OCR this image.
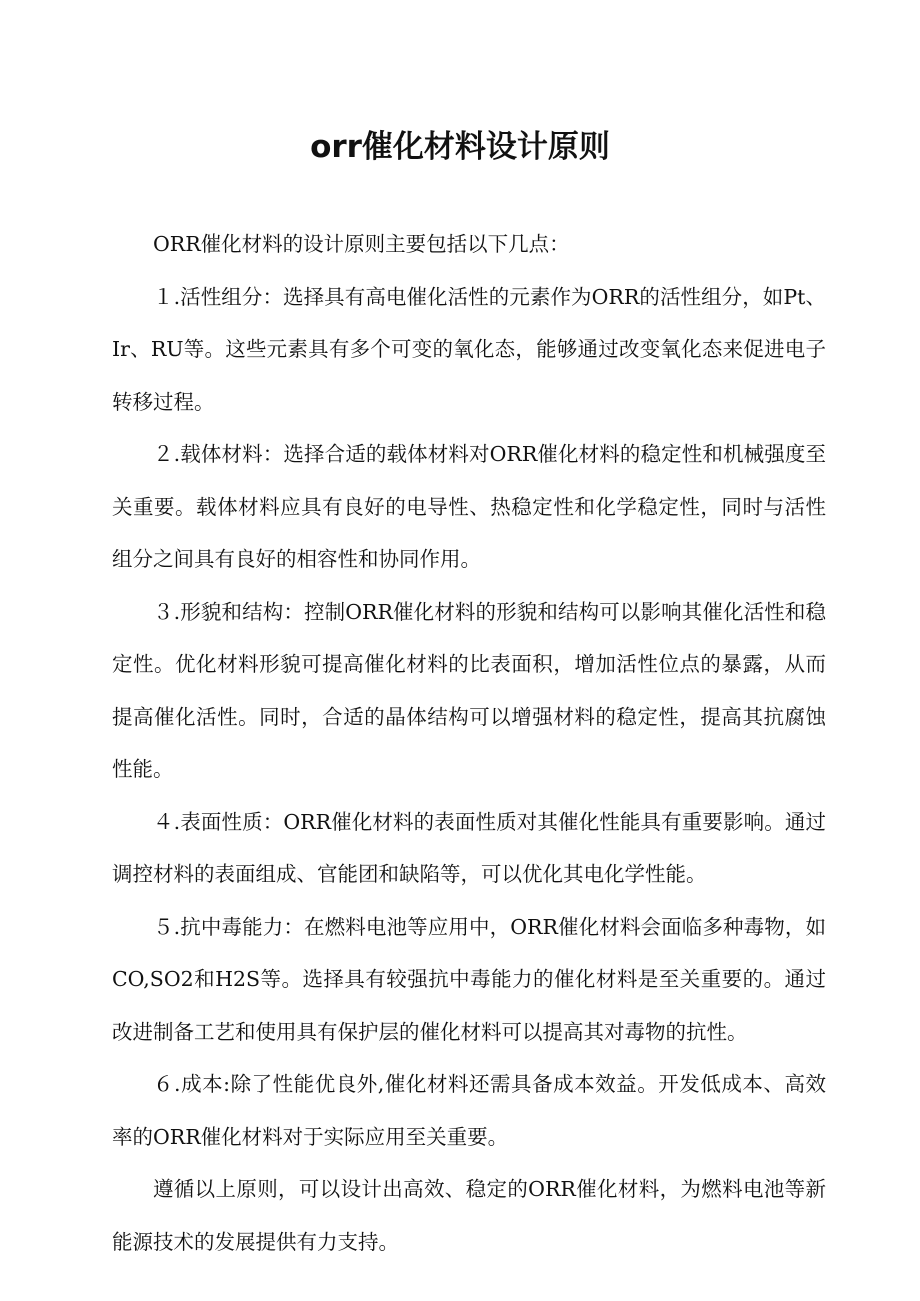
orr催化材料设计原则

ORR催化材料的设计原则主要包括以下几点：

１.活性组分：选择具有高电催化活性的元素作为ORR的活性组分，如Pt、Ir、RU等。这些元素具有多个可变的氧化态，能够通过改变氧化态来促进电子转移过程。

２.载体材料：选择合适的载体材料对ORR催化材料的稳定性和机械强度至关重要。载体材料应具有良好的电导性、热稳定性和化学稳定性，同时与活性组分之间具有良好的相容性和协同作用。

３.形貌和结构：控制ORR催化材料的形貌和结构可以影响其催化活性和稳定性。优化材料形貌可提高催化材料的比表面积，增加活性位点的暴露，从而提高催化活性。同时，合适的晶体结构可以增强材料的稳定性，提高其抗腐蚀性能。

４.表面性质：ORR催化材料的表面性质对其催化性能具有重要影响。通过调控材料的表面组成、官能团和缺陷等，可以优化其电化学性能。

５.抗中毒能力：在燃料电池等应用中，ORR催化材料会面临多种毒物，如CO,SO2和H2S等。选择具有较强抗中毒能力的催化材料是至关重要的。通过改进制备工艺和使用具有保护层的催化材料可以提高其对毒物的抗性。

６.成本:除了性能优良外,催化材料还需具备成本效益。开发低成本、高效率的ORR催化材料对于实际应用至关重要。

遵循以上原则，可以设计出高效、稳定的ORR催化材料，为燃料电池等新能源技术的发展提供有力支持。
